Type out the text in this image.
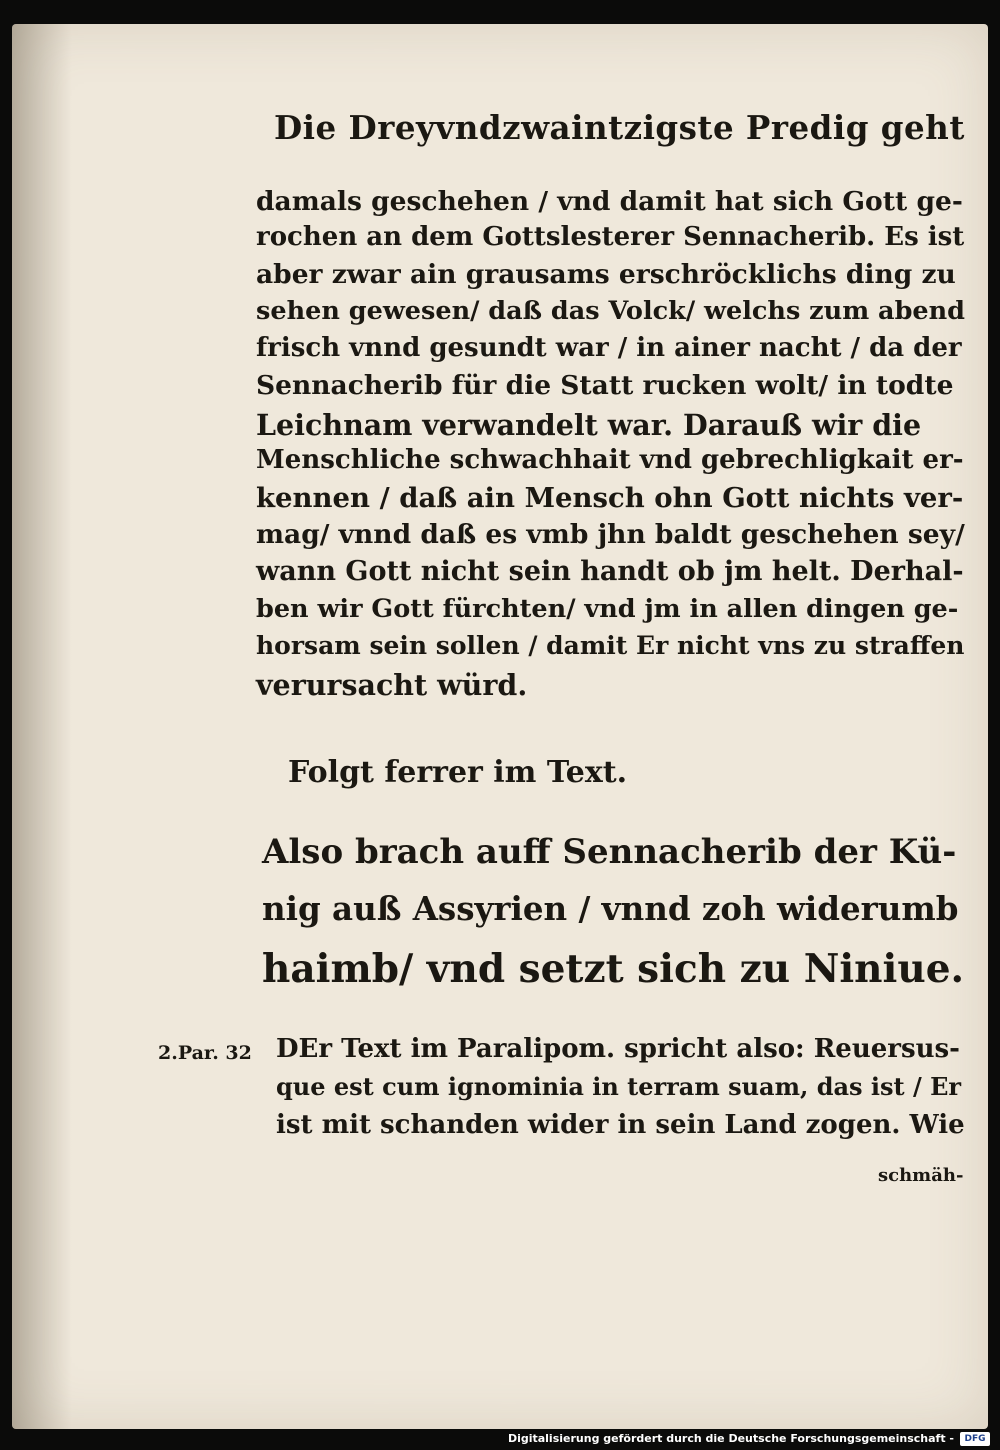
Die Dreyvndzwaintzigste Predig geht
damals geschehen / vnd damit hat sich Gott ge-
rochen an dem Gottslesterer Sennacherib. Es ist
aber zwar ain grausams erschröcklichs ding zu
sehen gewesen/ daß das Volck/ welchs zum abend
frisch vnnd gesundt war / in ainer nacht / da der
Sennacherib für die Statt rucken wolt/ in todte
Leichnam verwandelt war. Darauß wir die
Menschliche schwachhait vnd gebrechligkait er-
kennen / daß ain Mensch ohn Gott nichts ver-
mag/ vnnd daß es vmb jhn baldt geschehen sey/
wann Gott nicht sein handt ob jm helt. Derhal-
ben wir Gott fürchten/ vnd jm in allen dingen ge-
horsam sein sollen / damit Er nicht vns zu straffen
verursacht würd.
Folgt ferrer im Text.
Also brach auff Sennacherib der Kü-
nig auß Assyrien / vnnd zoh widerumb
haimb/ vnd setzt sich zu Niniue.
2.Par. 32 DEr Text im Paralipom. spricht also: Reuersus-
que est cum ignominia in terram suam, das ist / Er
ist mit schanden wider in sein Land zogen. Wie
schmäh-
Digitalisierung gefördert durch die Deutsche Forschungsgemeinschaft -	DFG
